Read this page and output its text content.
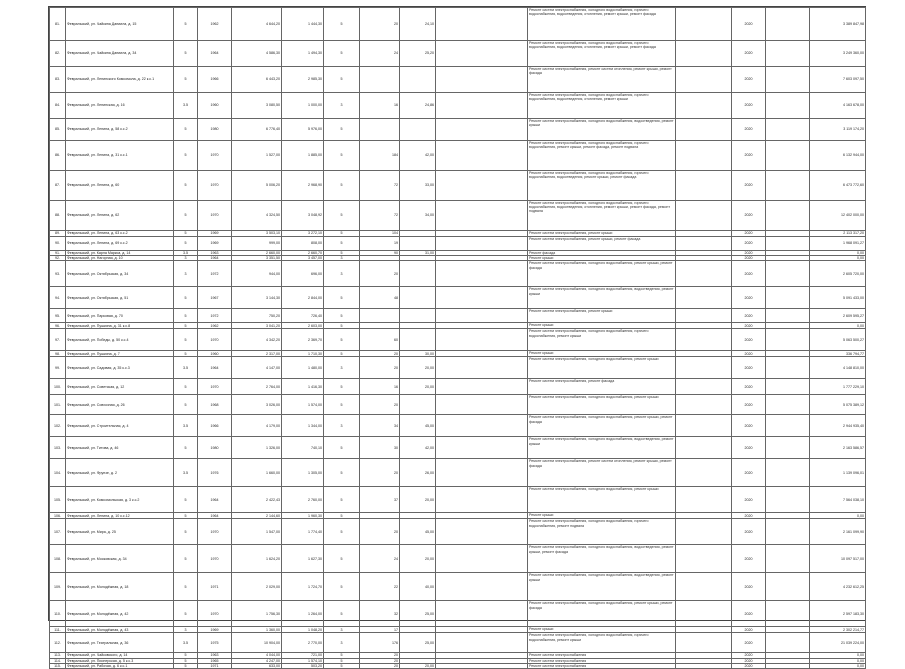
81.	Февральский, ул. Чайкина Даниила, д. 15	5	1962	4 644,20	1 444,30	5	20	24,10		Ремонт систем электроснабжения, холодного водоснабжения, горячего водоснабжения, водоотведения, отопления, ремонт крыши, ремонт фасада		2020		3 389 847,98
82.	Февральский, ул. Чайкина Даниила, д. 34	5	1964	4 586,30	1 494,30	5	24	25,20		Ремонт систем электроснабжения, холодного водоснабжения, горячего водоснабжения, водоотведения, отопления, ремонт крыши, ремонт фасада		2020		3 249 360,00
83.	Февральский, ул. Ленинского Комсомола, д. 22 к.с.1	5	1966	6 443,20	2 985,30	5				Ремонт систем электроснабжения, ремонт систем отопления, ремонт крыши, ремонт фасада		2020		7 603 097,50
84.	Февральский, ул. Ленинская, д. 16	3.5	1960	3 080,50	1 000,00	3	16	24,86		Ремонт систем электроснабжения, холодного водоснабжения, горячего водоснабжения, водоотведения, отопления, ремонт крыши		2020		4 163 678,00
85.	Февральский, ул. Ленина, д. 58 к.с.2	5	1980	6 776,40	5 976,00	5				Ремонт систем электроснабжения, холодного водоснабжения, водоотведения, ремонт крыши		2020		3 119 174,20
86.	Февральский, ул. Ленина, д. 31 к.с.1	5	1970	1 527,00	1 885,00	5	184	42,00		Ремонт систем электроснабжения, холодного водоснабжения, горячего водоснабжения, ремонт крыши, ремонт фасада, ремонт подвала		2020		6 132 944,00
87.	Февральский, ул. Ленина, д. 60	5	1970	5 006,20	2 968,90	5	72	33,00		Ремонт систем электроснабжения, холодного водоснабжения, горячего водоснабжения, водоотведения, ремонт крыши, ремонт фасада		2020		6 473 772,60
88.	Февральский, ул. Ленина, д. 62	5	1970	4 324,50	3 048,92	5	72	34,00		Ремонт систем электроснабжения, холодного водоснабжения, горячего водоснабжения, водоотведения, отопления, ремонт крыши, ремонт фасада, ремонт подвала		2020		12 402 000,00
89.	Февральский, ул. Ленина, д. 63 к.с.2	5	1969	3 503,10	3 272,10	5	104			Ремонт систем электроснабжения, ремонт крыши		2020		2 113 317,20
90.	Февральский, ул. Ленина, д. 69 к.с.2	5	1969	999,00	808,00	5	19			Ремонт систем электроснабжения, ремонт крыши, ремонт фасада		2020		1 968 091,27
91.	Февральский, ул. Карла Маркса, д. 14	3.5	1963	2 660,00	2 660,70	5	90	31,00		Ремонт фасада		2020		0,00
92.	Февральский, ул. Нагорная, д. 10	3	1964	3 351,50	3 457,00	3				Ремонт крыши		2020		0,00
93.	Февральский, ул. Октябрьская, д. 34	3	1972	944,00	696,00	3	20			Ремонт систем электроснабжения, холодного водоснабжения, ремонт крыши, ремонт фасада		2020		2 605 720,00
94.	Февральский, ул. Октябрьская, д. 51	5	1967	3 144,30	2 844,00	5	48			Ремонт систем электроснабжения, холодного водоснабжения, водоотведения, ремонт крыши		2020		5 091 433,00
95.	Февральский, ул. Парковая, д. 70	5	1972	750,20	726,40	5				Ремонт систем электроснабжения, ремонт крыши		2020		2 609 595,27
96.	Февральский, ул. Пушкина, д. 31 к.с.8	5	1962	3 041,20	2 603,00	5				Ремонт крыши		2020		0,00
97.	Февральский, ул. Победы, д. 50 к.с.4	5	1970	4 342,20	2 369,70	5	60			Ремонт систем электроснабжения, холодного водоснабжения, горячего водоснабжения, ремонт крыши		2020		5 063 500,27
98.	Февральский, ул. Пушкина, д. 7	5	1960	2 317,00	1 710,30	5	20	30,00		Ремонт крыши		2020		336 794,77
99.	Февральский, ул. Садовая, д. 35 к.с.3	3.5	1964	4 147,00	1 480,00	3	20	20,00		Ремонт систем электроснабжения, холодного водоснабжения, ремонт крыши		2020		4 148 810,00
100.	Февральский, ул. Советская, д. 12	5	1970	2 764,00	1 416,30	5	16	20,00		Ремонт систем электроснабжения, ремонт фасада		2020		1 777 229,10
101.	Февральский, ул. Совхозная, д. 26	5	1968	3 026,00	1 574,00	5	20			Ремонт систем электроснабжения, холодного водоснабжения, ремонт крыши		2020		5 075 389,12
102.	Февральский, ул. Строительная, д. 4	3.5	1966	4 179,00	1 344,00	3	34	45,00		Ремонт систем электроснабжения, холодного водоснабжения, ремонт крыши, ремонт фасада		2020		2 944 935,40
103.	Февральский, ул. Титова, д. 46	5	1980	1 326,00	740,10	5	30	42,00		Ремонт систем электроснабжения, холодного водоснабжения, водоотведения, ремонт крыши		2020		2 163 586,57
104.	Февральский, ул. Фрунзе, д. 2	3.5	1976	1 660,00	1 305,00	5	20	26,00		Ремонт систем электроснабжения, ремонт систем отопления, ремонт крыши, ремонт фасада		2020		1 139 096,01
105.	Февральский, ул. Комсомольская, д. 3 к.с.2	5	1964	2 422,43	2 760,00	5	37	20,00		Ремонт систем электроснабжения, холодного водоснабжения, ремонт крыши		2020		7 564 038,10
106.	Февральский, ул. Ленина, д. 10 к.с.12	5	1964	2 144,60	1 960,30	5				Ремонт крыши		2020		0,00
107.	Февральский, ул. Мира, д. 25	5	1970	1 547,00	1 774,40	5	20	45,00		Ремонт систем электроснабжения, холодного водоснабжения, горячего водоснабжения, ремонт подвала		2020		2 161 099,90
108.	Февральский, ул. Московская, д. 34	5	1970	1 624,20	1 627,30	5	24	20,00		Ремонт систем электроснабжения, холодного водоснабжения, водоотведения, ремонт крыши, ремонт фасада		2020		10 097 517,00
109.	Февральский, ул. Молодёжная, д. 18	5	1971	2 029,00	1 724,70	5	22	40,00		Ремонт систем электроснабжения, холодного водоснабжения, водоотведения, ремонт крыши		2020		4 232 612,25
110.	Февральский, ул. Молодёжная, д. 42	5	1970	1 756,30	1 264,00	5	32	25,00		Ремонт систем электроснабжения, холодного водоснабжения, ремонт крыши, ремонт фасада		2020		2 597 183,30
111.	Февральский, ул. Молодёжная, д. 43	3	1969	1 360,00	1 048,20	3	17			Ремонт крыши		2020		2 302 214,77
112.	Февральский, ул. Театральная, д. 36	3.5	1975	10 904,00	2 770,00	3	176	25,00		Ремонт систем электроснабжения, холодного водоснабжения, горячего водоснабжения, ремонт крыши		2020		21 039 224,00
113.	Февральский, ул. Чайковского, д. 14	5	1963	4 044,00	721,00	5	20			Ремонт систем электроснабжения		2020		0,00
114.	Февральский, ул. Пионерская, д. 5 к.с.3	5	1965	4 247,00	1 574,10	5	20			Ремонт систем электроснабжения		2020		0,00
115.	Февральский, ул. Рабочая, д. 6 к.с.1	5	1971	633,00	503,20	5	20	20,00		Ремонт систем электроснабжения		2020		0,00
